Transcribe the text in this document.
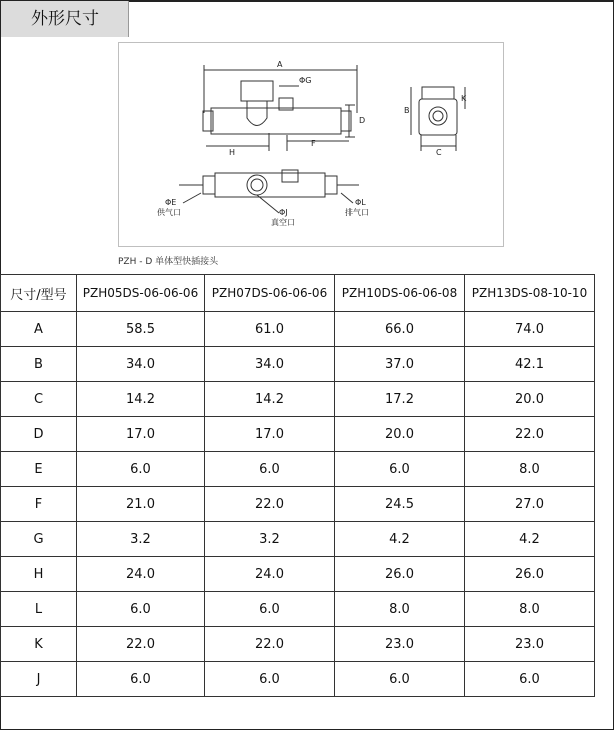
外形尺寸
A
ΦG
D
H
F
B
K
C
ΦE
供气口	ΦJ
真空口
ΦL
排气口
PZH - D 单体型快插接头
尺寸/型号	PZH05DS-06-06-06	PZH07DS-06-06-06	PZH10DS-06-06-08	PZH13DS-08-10-10
A	58.5	61.0	66.0	74.0
B	34.0	34.0	37.0	42.1
C	14.2	14.2	17.2	20.0
D	17.0	17.0	20.0	22.0
E	6.0	6.0	6.0	8.0
F	21.0	22.0	24.5	27.0
G	3.2	3.2	4.2	4.2
H	24.0	24.0	26.0	26.0
L	6.0	6.0	8.0	8.0
K	22.0	22.0	23.0	23.0
J	6.0	6.0	6.0	6.0
